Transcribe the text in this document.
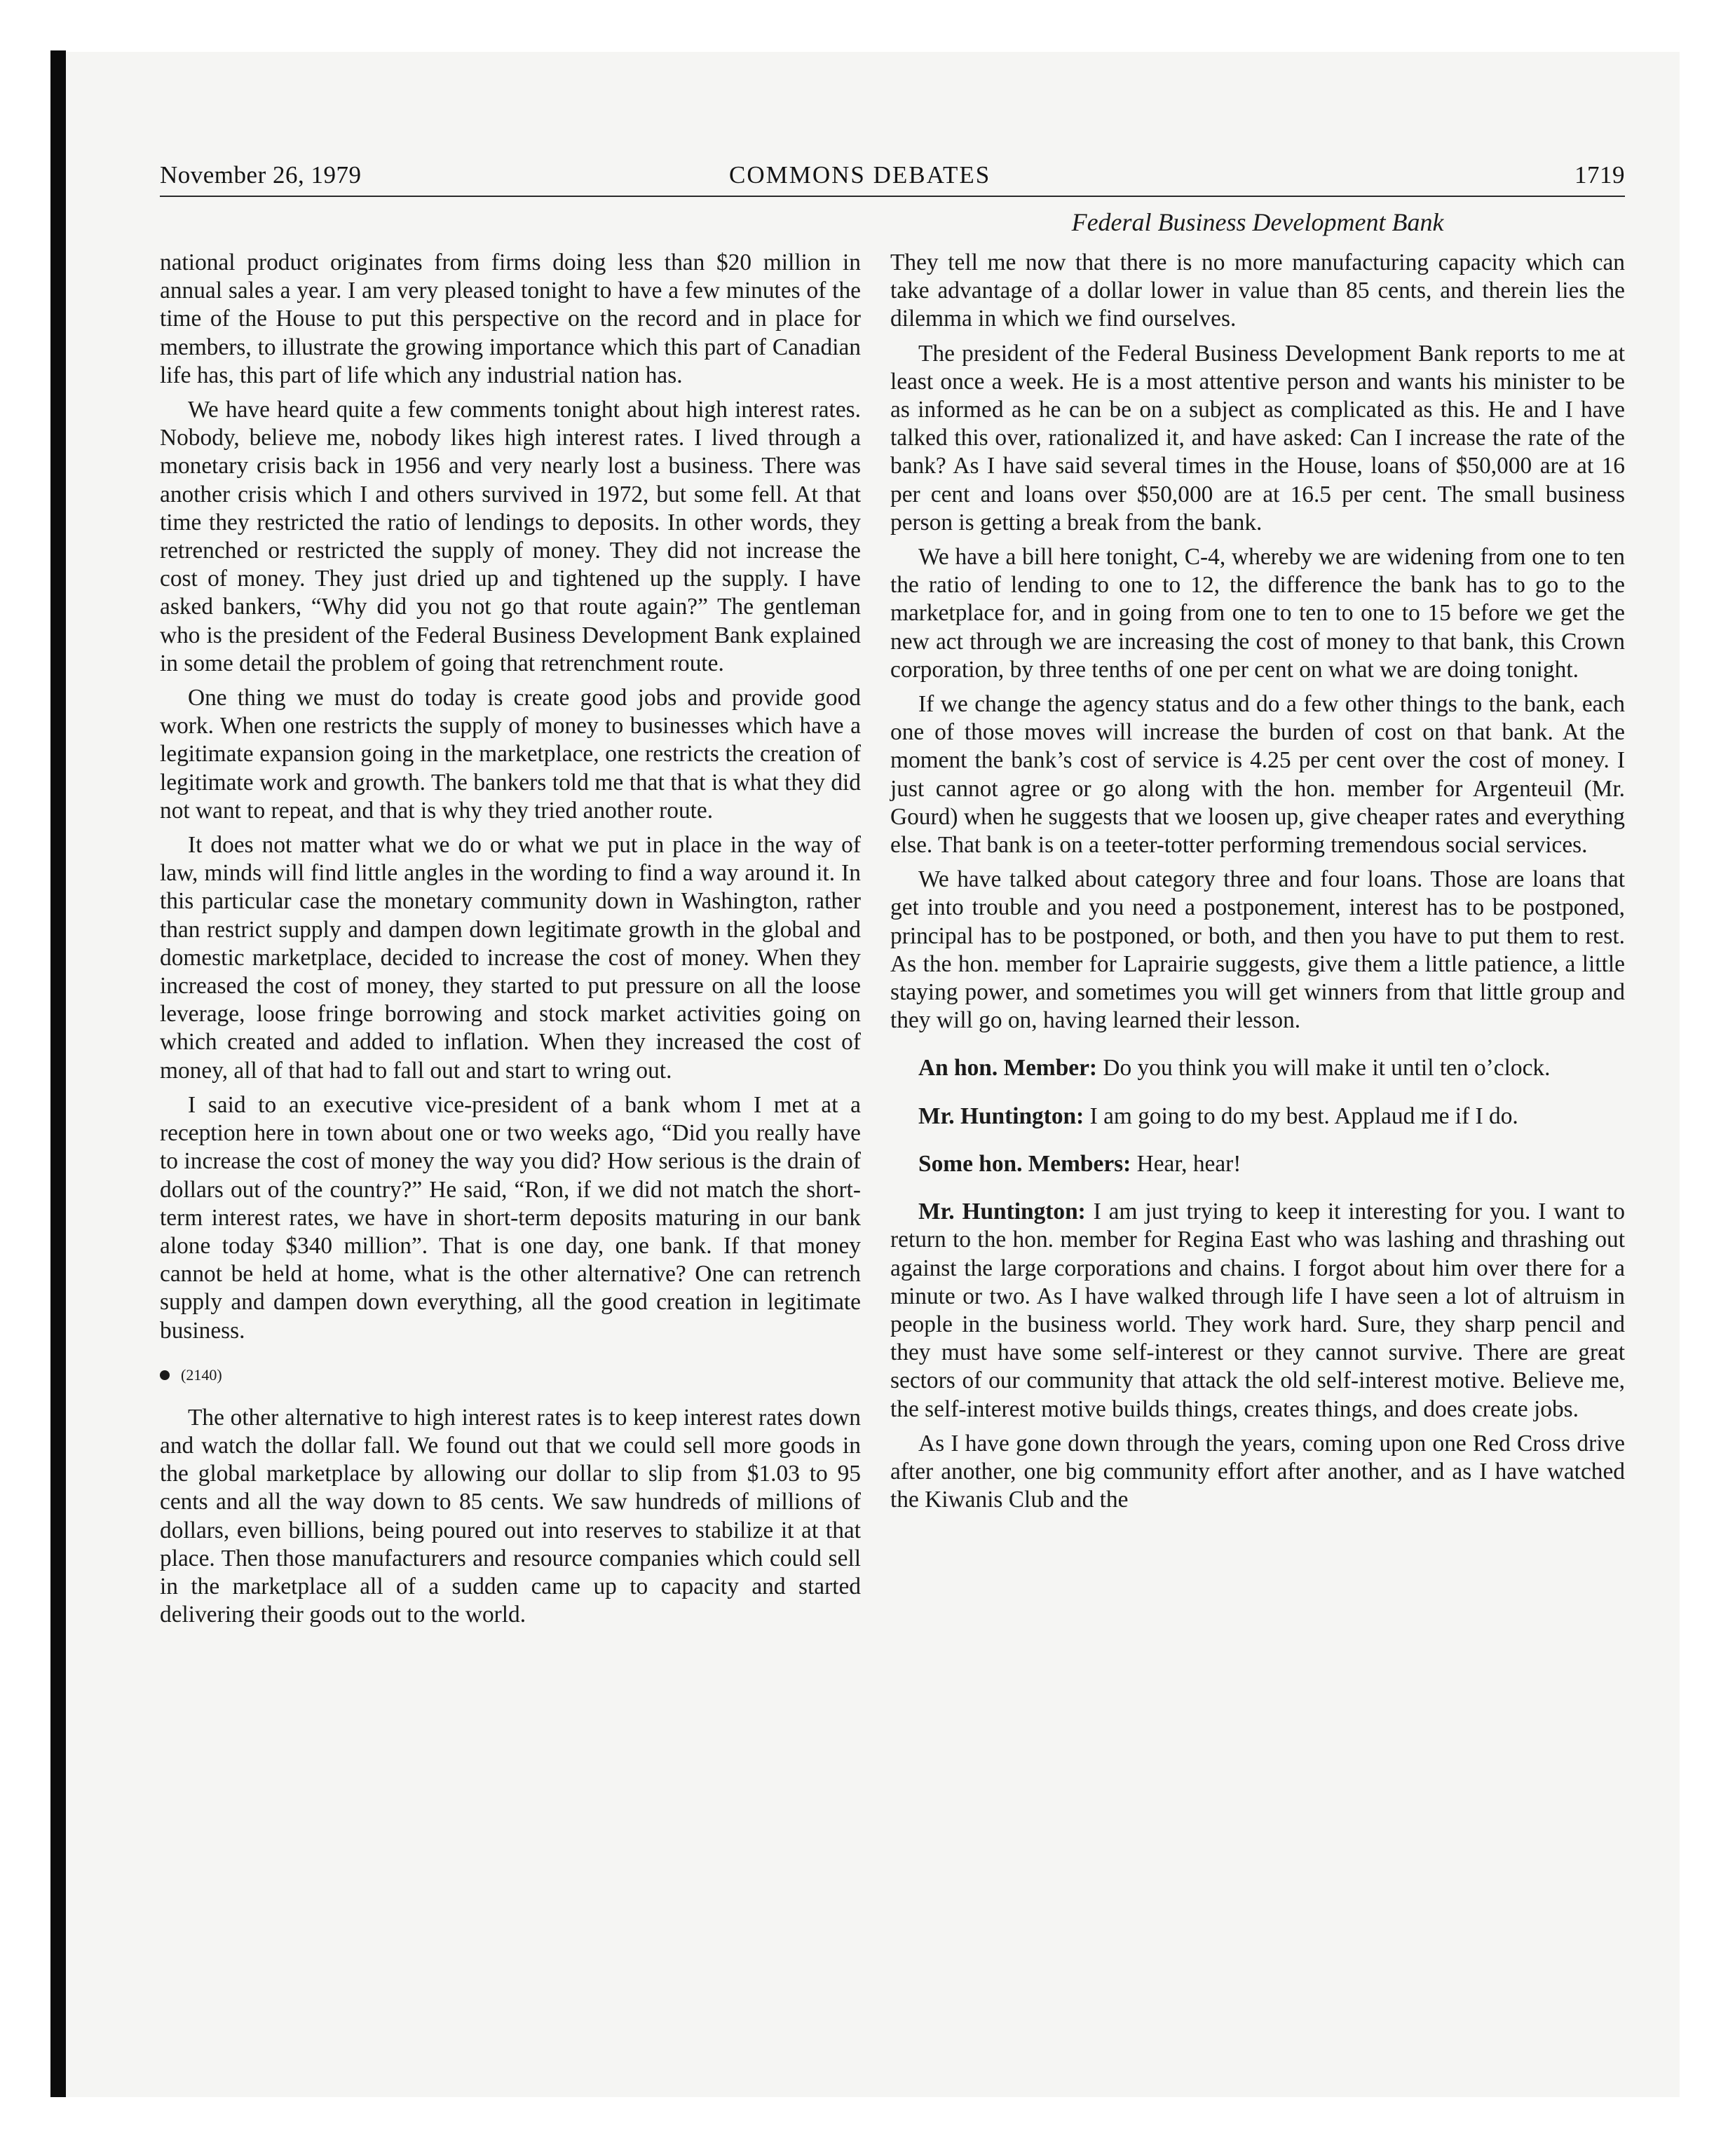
November 26, 1979	COMMONS DEBATES	1719
Federal Business Development Bank

national product originates from firms doing less than $20 million in annual sales a year. I am very pleased tonight to have a few minutes of the time of the House to put this perspective on the record and in place for members, to illustrate the growing importance which this part of Canadian life has, this part of life which any industrial nation has.

We have heard quite a few comments tonight about high interest rates. Nobody, believe me, nobody likes high interest rates. I lived through a monetary crisis back in 1956 and very nearly lost a business. There was another crisis which I and others survived in 1972, but some fell. At that time they restricted the ratio of lendings to deposits. In other words, they retrenched or restricted the supply of money. They did not increase the cost of money. They just dried up and tightened up the supply. I have asked bankers, “Why did you not go that route again?” The gentleman who is the president of the Federal Business Development Bank explained in some detail the problem of going that retrenchment route.

One thing we must do today is create good jobs and provide good work. When one restricts the supply of money to businesses which have a legitimate expansion going in the marketplace, one restricts the creation of legitimate work and growth. The bankers told me that that is what they did not want to repeat, and that is why they tried another route.

It does not matter what we do or what we put in place in the way of law, minds will find little angles in the wording to find a way around it. In this particular case the monetary community down in Washington, rather than restrict supply and dampen down legitimate growth in the global and domestic marketplace, decided to increase the cost of money. When they increased the cost of money, they started to put pressure on all the loose leverage, loose fringe borrowing and stock market activities going on which created and added to inflation. When they increased the cost of money, all of that had to fall out and start to wring out.

I said to an executive vice-president of a bank whom I met at a reception here in town about one or two weeks ago, “Did you really have to increase the cost of money the way you did? How serious is the drain of dollars out of the country?” He said, “Ron, if we did not match the short-term interest rates, we have in short-term deposits maturing in our bank alone today $340 million”. That is one day, one bank. If that money cannot be held at home, what is the other alternative? One can retrench supply and dampen down everything, all the good creation in legitimate business.

(2140)

The other alternative to high interest rates is to keep interest rates down and watch the dollar fall. We found out that we could sell more goods in the global marketplace by allowing our dollar to slip from $1.03 to 95 cents and all the way down to 85 cents. We saw hundreds of millions of dollars, even billions, being poured out into reserves to stabilize it at that place. Then those manufacturers and resource companies which could sell in the marketplace all of a sudden came up to capacity and started delivering their goods out to the world.

They tell me now that there is no more manufacturing capacity which can take advantage of a dollar lower in value than 85 cents, and therein lies the dilemma in which we find ourselves.

The president of the Federal Business Development Bank reports to me at least once a week. He is a most attentive person and wants his minister to be as informed as he can be on a subject as complicated as this. He and I have talked this over, rationalized it, and have asked: Can I increase the rate of the bank? As I have said several times in the House, loans of $50,000 are at 16 per cent and loans over $50,000 are at 16.5 per cent. The small business person is getting a break from the bank.

We have a bill here tonight, C-4, whereby we are widening from one to ten the ratio of lending to one to 12, the difference the bank has to go to the marketplace for, and in going from one to ten to one to 15 before we get the new act through we are increasing the cost of money to that bank, this Crown corporation, by three tenths of one per cent on what we are doing tonight.

If we change the agency status and do a few other things to the bank, each one of those moves will increase the burden of cost on that bank. At the moment the bank’s cost of service is 4.25 per cent over the cost of money. I just cannot agree or go along with the hon. member for Argenteuil (Mr. Gourd) when he suggests that we loosen up, give cheaper rates and everything else. That bank is on a teeter-totter performing tremendous social services.

We have talked about category three and four loans. Those are loans that get into trouble and you need a postponement, interest has to be postponed, principal has to be postponed, or both, and then you have to put them to rest. As the hon. member for Laprairie suggests, give them a little patience, a little staying power, and sometimes you will get winners from that little group and they will go on, having learned their lesson.

An hon. Member: Do you think you will make it until ten o’clock.

Mr. Huntington: I am going to do my best. Applaud me if I do.

Some hon. Members: Hear, hear!

Mr. Huntington: I am just trying to keep it interesting for you. I want to return to the hon. member for Regina East who was lashing and thrashing out against the large corporations and chains. I forgot about him over there for a minute or two. As I have walked through life I have seen a lot of altruism in people in the business world. They work hard. Sure, they sharp pencil and they must have some self-interest or they cannot survive. There are great sectors of our community that attack the old self-interest motive. Believe me, the self-interest motive builds things, creates things, and does create jobs.

As I have gone down through the years, coming upon one Red Cross drive after another, one big community effort after another, and as I have watched the Kiwanis Club and the
